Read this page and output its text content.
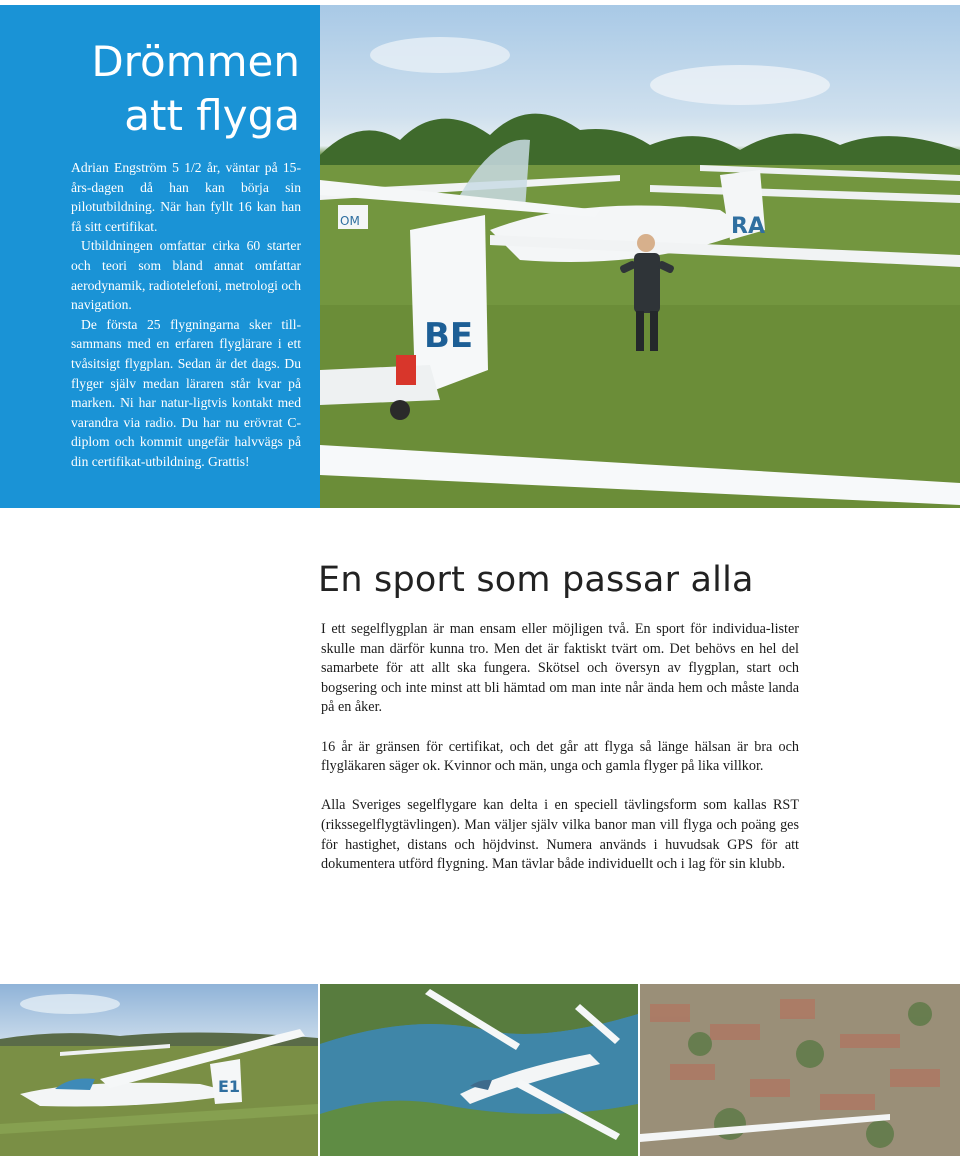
Drömmen
att flyga

Adrian Engström 5 1/2 år, väntar på 15-års-dagen då han kan börja sin pilotutbildning. När han fyllt 16 kan han få sitt certifikat.

Utbildningen omfattar cirka 60 starter och teori som bland annat omfattar aerodynamik, radiotelefoni, metrologi och navigation.

De första 25 flygningarna sker till-sammans med en erfaren flyglärare i ett tvåsitsigt flygplan. Sedan är det dags. Du flyger själv medan läraren står kvar på marken. Ni har natur-ligtvis kontakt med varandra via radio. Du har nu erövrat C-diplom och kommit ungefär halvvägs på din certifikat-utbildning. Grattis!

RA
OM
BE
En sport som passar alla

I ett segelflygplan är man ensam eller möjligen två. En sport för individua-lister skulle man därför kunna tro. Men det är faktiskt tvärt om. Det behövs en hel del samarbete för att allt ska fungera. Skötsel och översyn av flygplan, start och bogsering och inte minst att bli hämtad om man inte når ända hem och måste landa på en åker.

16 år är gränsen för certifikat, och det går att flyga så länge hälsan är bra och flygläkaren säger ok. Kvinnor och män, unga och gamla flyger på lika villkor.

Alla Sveriges segelflygare kan delta i en speciell tävlingsform som kallas RST (rikssegelflygtävlingen). Man väljer själv vilka banor man vill flyga och poäng ges för hastighet, distans och höjdvinst. Numera används i huvudsak GPS för att dokumentera utförd flygning. Man tävlar både individuellt och i lag för sin klubb.

E1
